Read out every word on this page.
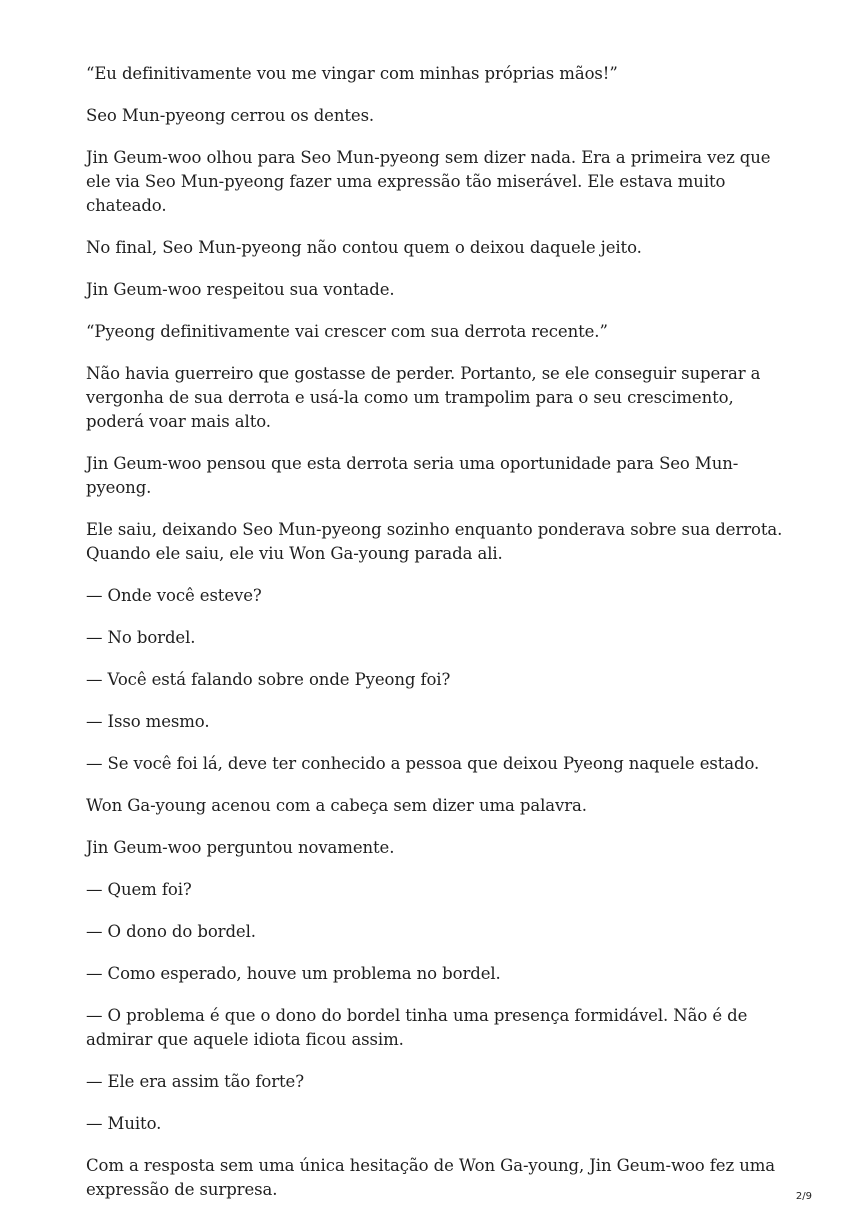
“Eu definitivamente vou me vingar com minhas próprias mãos!”

Seo Mun-pyeong cerrou os dentes.

Jin Geum-woo olhou para Seo Mun-pyeong sem dizer nada. Era a primeira vez que ele via Seo Mun-pyeong fazer uma expressão tão miserável. Ele estava muito chateado.

No final, Seo Mun-pyeong não contou quem o deixou daquele jeito.

Jin Geum-woo respeitou sua vontade.

“Pyeong definitivamente vai crescer com sua derrota recente.”

Não havia guerreiro que gostasse de perder. Portanto, se ele conseguir superar a vergonha de sua derrota e usá-la como um trampolim para o seu crescimento, poderá voar mais alto.

Jin Geum-woo pensou que esta derrota seria uma oportunidade para Seo Mun-pyeong.

Ele saiu, deixando Seo Mun-pyeong sozinho enquanto ponderava sobre sua derrota. Quando ele saiu, ele viu Won Ga-young parada ali.

— Onde você esteve?

— No bordel.

— Você está falando sobre onde Pyeong foi?

— Isso mesmo.

— Se você foi lá, deve ter conhecido a pessoa que deixou Pyeong naquele estado.

Won Ga-young acenou com a cabeça sem dizer uma palavra.

Jin Geum-woo perguntou novamente.

— Quem foi?

— O dono do bordel.

— Como esperado, houve um problema no bordel.

— O problema é que o dono do bordel tinha uma presença formidável. Não é de admirar que aquele idiota ficou assim.

— Ele era assim tão forte?

— Muito.

Com a resposta sem uma única hesitação de Won Ga-young, Jin Geum-woo fez uma expressão de surpresa.	2/9
